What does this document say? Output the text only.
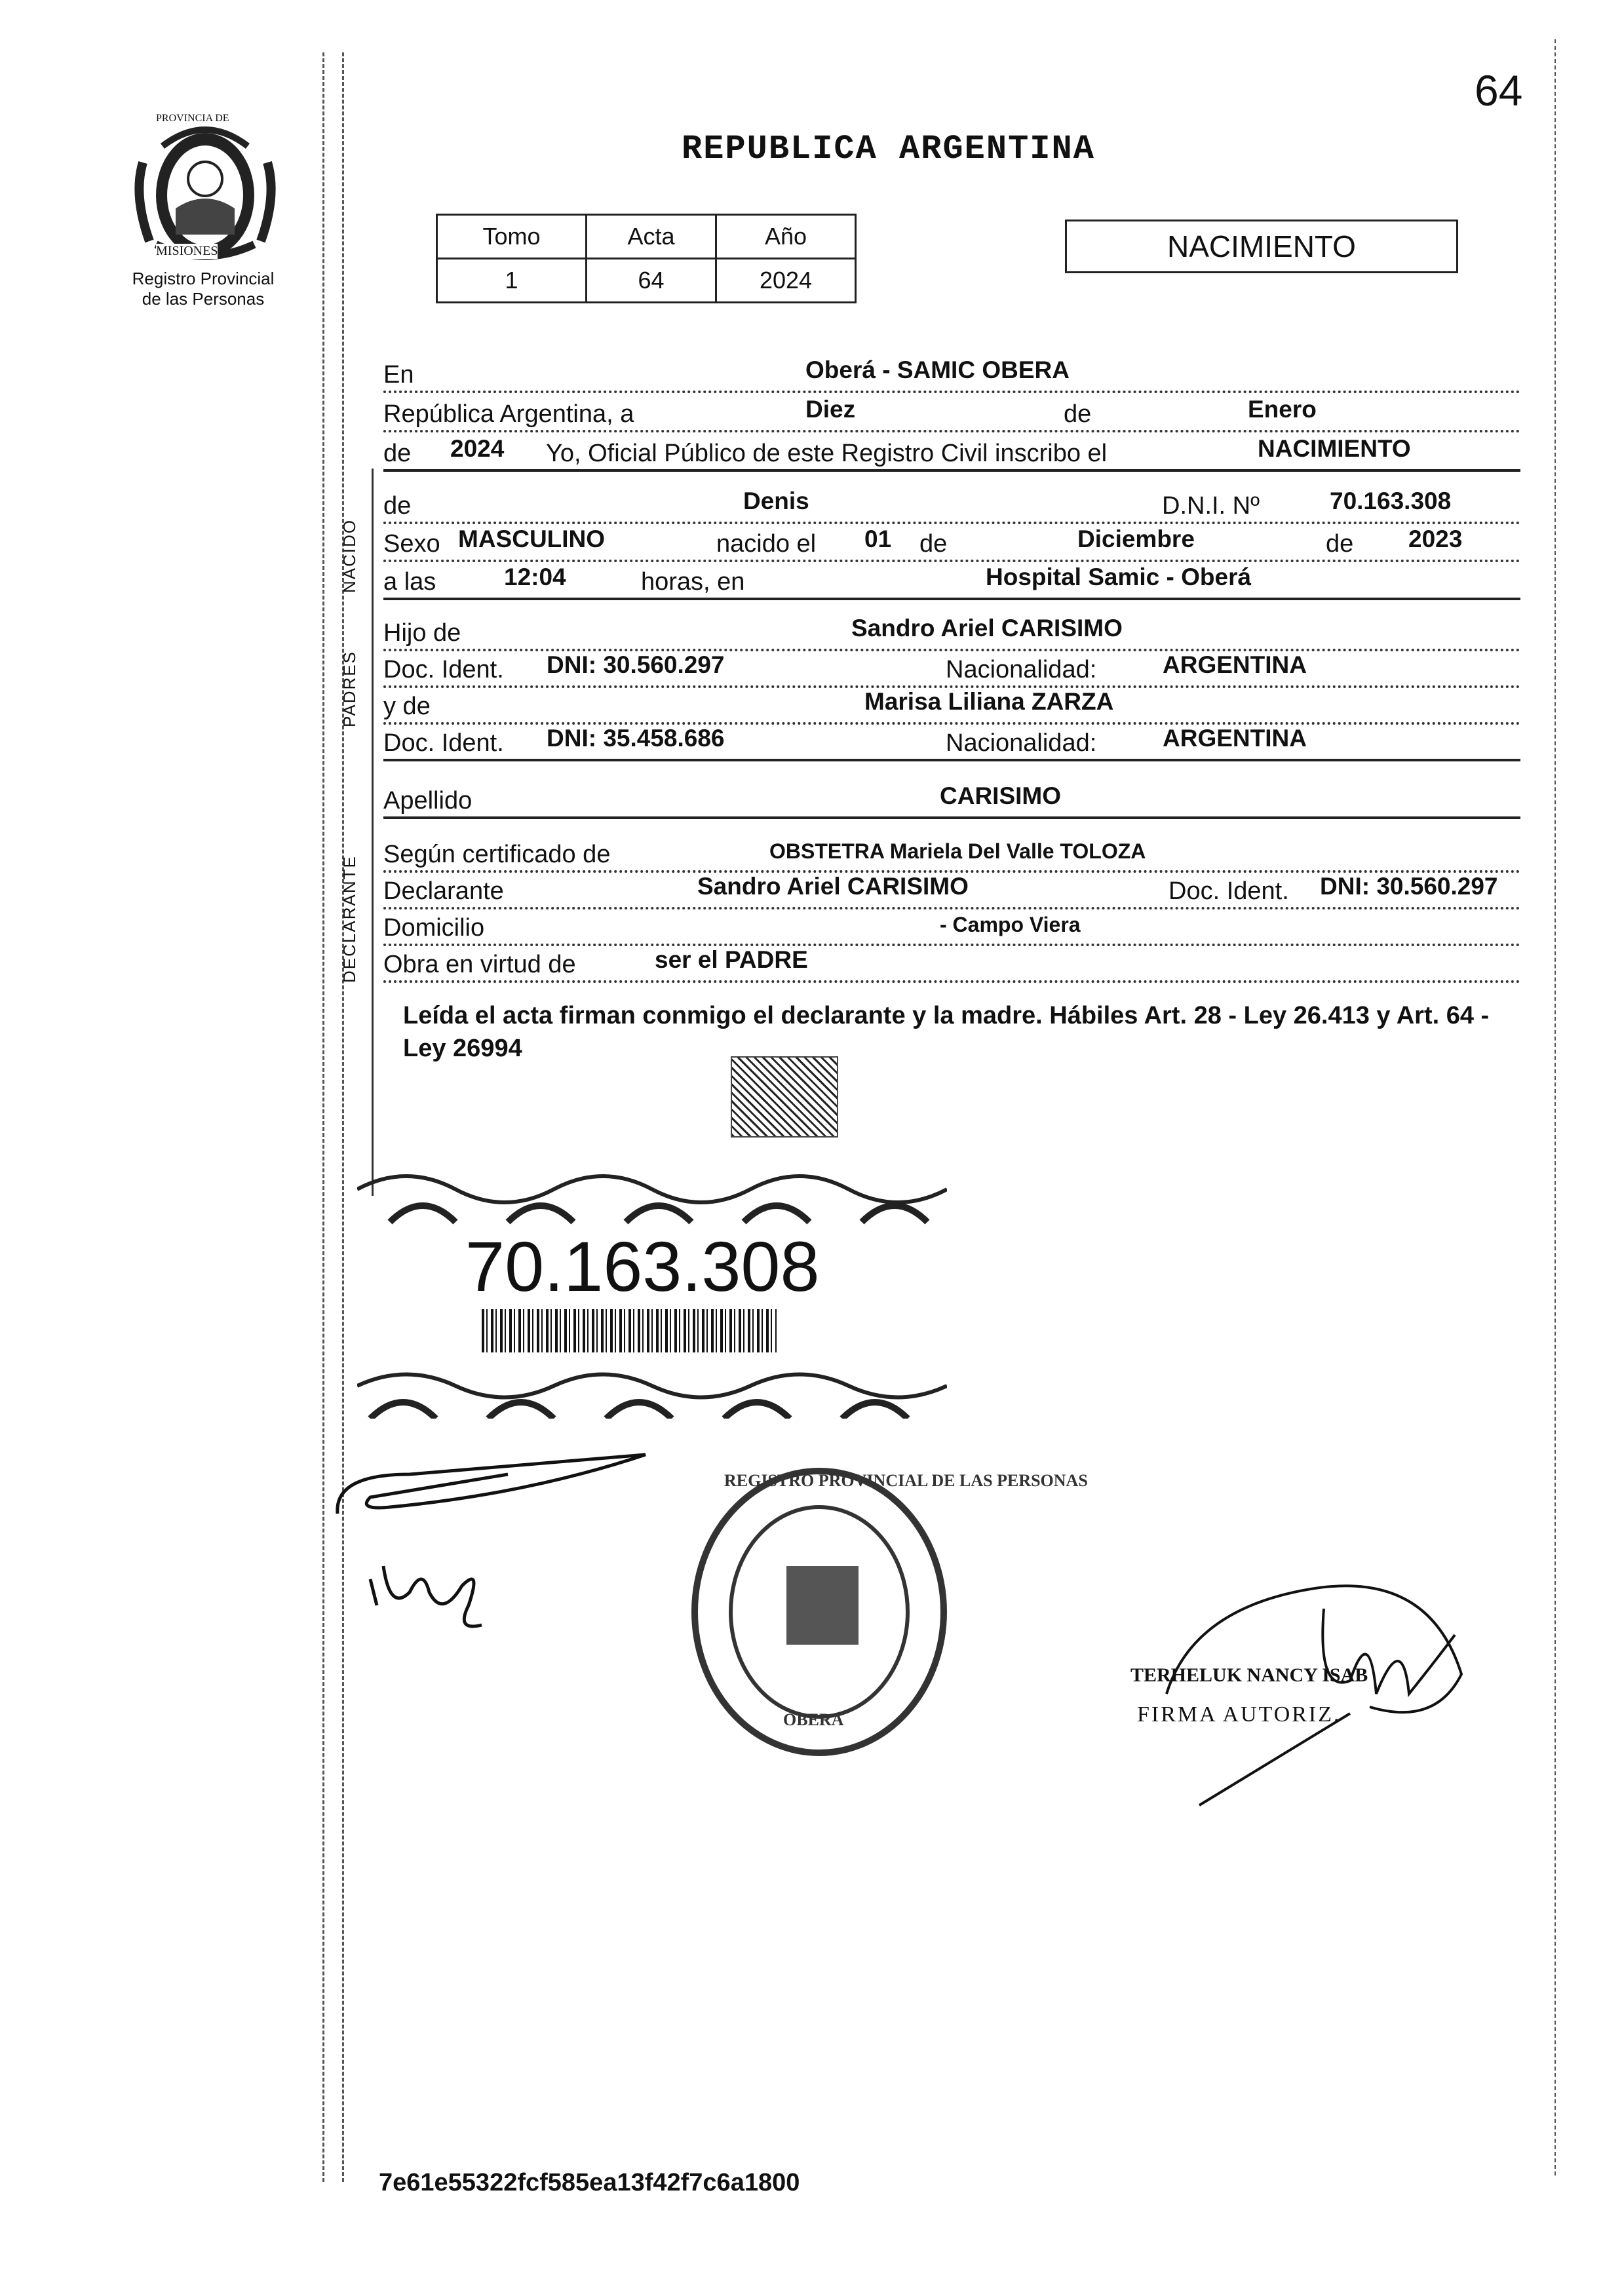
PROVINCIA DE
MISIONES
Registro Provincial
de las Personas
64
REPUBLICA ARGENTINA
Tomo	Acta	Año
1	64	2024
NACIMIENTO
NACIDO
PADRES
DECLARANTE
En	Oberá - SAMIC OBERA
República Argentina, a	Diez	de	Enero
de 2024 Yo, Oficial Público de este Registro Civil inscribo el	NACIMIENTO
de	Denis	D.N.I. Nº	70.163.308
Sexo MASCULINO	nacido el 01 de	Diciembre	de 2023
a las	12:04	horas, en	Hospital Samic - Oberá
Hijo de	Sandro Ariel CARISIMO
Doc. Ident. DNI: 30.560.297	Nacionalidad:	ARGENTINA
y de	Marisa Liliana ZARZA
Doc. Ident. DNI: 35.458.686	Nacionalidad:	ARGENTINA
Apellido	CARISIMO
Según certificado de	OBSTETRA Mariela Del Valle TOLOZA
Declarante	Sandro Ariel CARISIMO	Doc. Ident. DNI: 30.560.297
Domicilio	- Campo Viera
Obra en virtud de	ser el PADRE
Leída el acta firman conmigo el declarante y la madre. Hábiles Art. 28 - Ley 26.413 y Art. 64 - Ley 26994
70.163.308
REGISTRO PROVINCIAL DE LAS PERSONAS
OBERA
TERHELUK NANCY ISAB
FIRMA AUTORIZ.
7e61e55322fcf585ea13f42f7c6a1800
